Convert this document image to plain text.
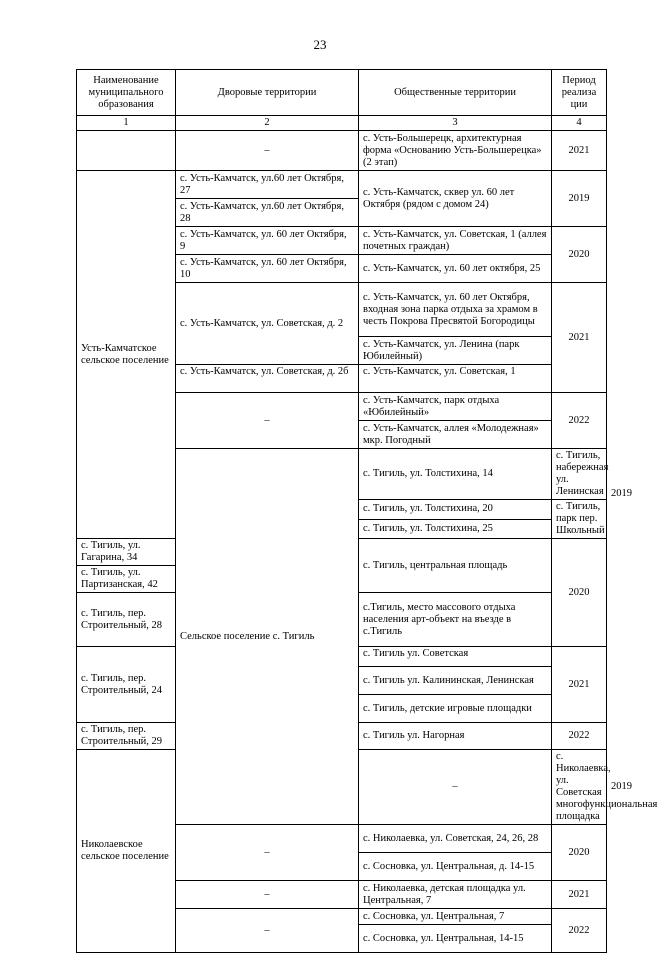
23
Наименование муниципального образования	Дворовые территории	Общественные территории	Период реализа ции	
1	2	3	4	
	–	с. Усть-Большерецк, архитектурная форма «Основанию Усть-Большерецка» (2 этап)	2021	
Усть-Камчатское сельское поселение	с. Усть-Камчатск, ул.60 лет Октября, 27	с. Усть-Камчатск, сквер ул. 60 лет Октября (рядом с домом 24)	2019	
	с. Усть-Камчатск, ул.60 лет Октября, 28			
	с. Усть-Камчатск, ул. 60 лет Октября, 9	с. Усть-Камчатск, ул. Советская, 1 (аллея почетных граждан)	2020	
	с. Усть-Камчатск, ул. 60 лет Октября, 10	с. Усть-Камчатск, ул. 60 лет октября, 25		
	с. Усть-Камчатск, ул. Советская, д. 2	с. Усть-Камчатск, ул. 60 лет Октября, входная зона парка отдыха за храмом в честь Покрова Пресвятой Богородицы	2021	
		с. Усть-Камчатск, ул. Ленина (парк Юбилейный)		
	с. Усть-Камчатск, ул. Советская, д. 2б	с. Усть-Камчатск, ул. Советская, 1		
	–	с. Усть-Камчатск, парк отдыха «Юбилейный»	2022	
		с. Усть-Камчатск, аллея «Молодежная» мкр. Погодный		
	Сельское поселение с. Тигиль	с. Тигиль, ул. Толстихина, 14	с. Тигиль, набережная ул. Ленинская	2019
		с. Тигиль, ул. Толстихина, 20	с. Тигиль, парк пер. Школьный	
		с. Тигиль, ул. Толстихина, 25		
с. Тигиль, ул. Гагарина, 34		с. Тигиль, центральная площадь	2020	
с. Тигиль, ул. Партизанская, 42				
с. Тигиль, пер. Строительный, 28		с.Тигиль, место массового отдыха населения арт-объект на въезде в с.Тигиль		
с. Тигиль, пер. Строительный, 24		с. Тигиль ул. Советская	2021	
		с. Тигиль ул. Калининская, Ленинская		
		с. Тигиль, детские игровые площадки		
с. Тигиль, пер. Строительный, 29		с. Тигиль ул. Нагорная	2022	
Николаевское сельское поселение		–	с. Николаевка, ул. Советская многофункциональная площадка	2019
	–	с. Николаевка, ул. Советская, 24, 26, 28	2020	
		с. Сосновка, ул. Центральная, д. 14-15		
	–	с. Николаевка, детская площадка ул. Центральная, 7	2021	
	–	с. Сосновка, ул. Центральная, 7	2022	
		с. Сосновка, ул. Центральная, 14-15		
